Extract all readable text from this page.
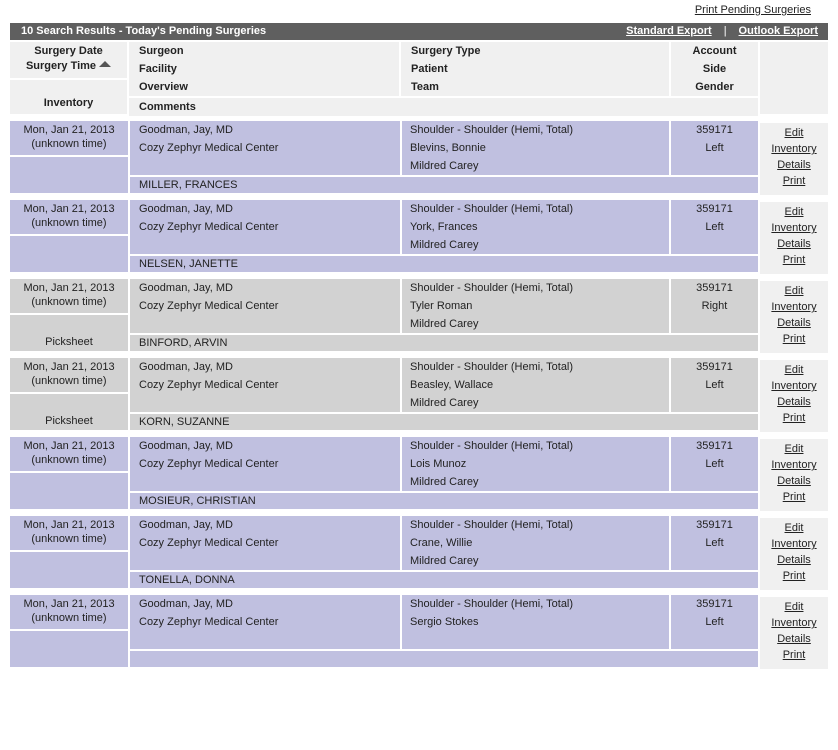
Print Pending Surgeries
10 Search Results - Today's Pending Surgeries	Standard Export | Outlook Export
Surgery Date
Surgery Time
Inventory
Surgeon
Facility
Overview
Surgery Type
Patient
Team
Account
Side
Gender
Comments
Mon, Jan 21, 2013
(unknown time)
Goodman, Jay, MD
Cozy Zephyr Medical Center
Shoulder - Shoulder (Hemi, Total)
Blevins, Bonnie
Mildred Carey
359171
Left
MILLER, FRANCES
Edit
Inventory
Details
Print
Mon, Jan 21, 2013
(unknown time)
Goodman, Jay, MD
Cozy Zephyr Medical Center
Shoulder - Shoulder (Hemi, Total)
York, Frances
Mildred Carey
359171
Left
NELSEN, JANETTE
Edit
Inventory
Details
Print
Mon, Jan 21, 2013
(unknown time)
Picksheet
Goodman, Jay, MD
Cozy Zephyr Medical Center
Shoulder - Shoulder (Hemi, Total)
Tyler Roman
Mildred Carey
359171
Right
BINFORD, ARVIN
Edit
Inventory
Details
Print
Mon, Jan 21, 2013
(unknown time)
Picksheet
Goodman, Jay, MD
Cozy Zephyr Medical Center
Shoulder - Shoulder (Hemi, Total)
Beasley, Wallace
Mildred Carey
359171
Left
KORN, SUZANNE
Edit
Inventory
Details
Print
Mon, Jan 21, 2013
(unknown time)
Goodman, Jay, MD
Cozy Zephyr Medical Center
Shoulder - Shoulder (Hemi, Total)
Lois Munoz
Mildred Carey
359171
Left
MOSIEUR, CHRISTIAN
Edit
Inventory
Details
Print
Mon, Jan 21, 2013
(unknown time)
Goodman, Jay, MD
Cozy Zephyr Medical Center
Shoulder - Shoulder (Hemi, Total)
Crane, Willie
Mildred Carey
359171
Left
TONELLA, DONNA
Edit
Inventory
Details
Print
Mon, Jan 21, 2013
(unknown time)
Goodman, Jay, MD
Cozy Zephyr Medical Center
Shoulder - Shoulder (Hemi, Total)
Sergio Stokes
359171
Left
Edit
Inventory
Details
Print
